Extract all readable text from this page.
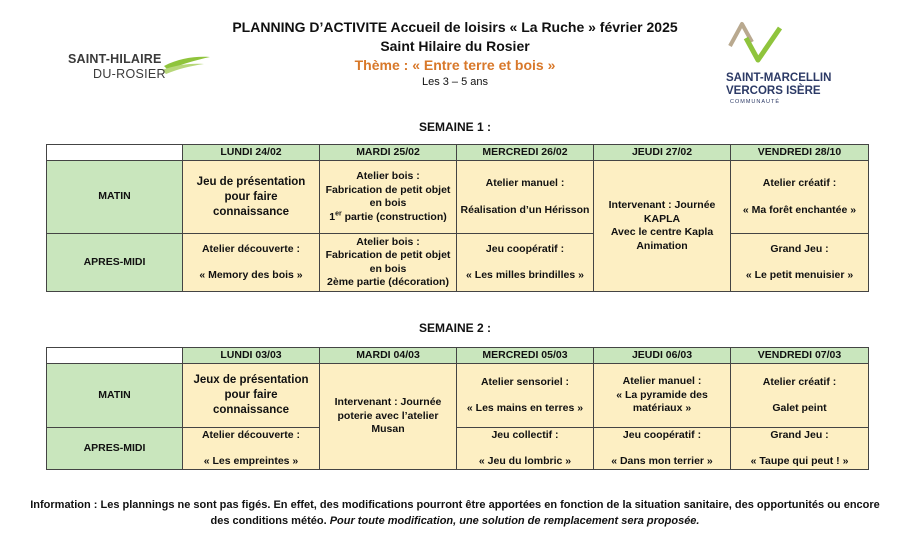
PLANNING D’ACTIVITE Accueil de loisirs « La Ruche » février 2025
Saint Hilaire du Rosier
Thème : « Entre terre et bois »
Les 3 – 5 ans
SAINT-HILAIRE
DU-ROSIER	SAINT-MARCELLIN
VERCORS ISÈRE
COMMUNAUTÉ
SEMAINE 1 :
	LUNDI 24/02	MARDI 25/02	MERCREDI 26/02	JEUDI 27/02	VENDREDI 28/10
MATIN	Jeu de présentation pour faire connaissance	Atelier bois :
Fabrication de petit objet en bois
1er partie (construction)	Atelier manuel :
Réalisation d’un Hérisson	Intervenant : Journée KAPLA
Avec le centre Kapla Animation	Atelier créatif :
« Ma forêt enchantée »

APRES-MIDI	Atelier découverte :
« Memory des bois »	Atelier bois :
Fabrication de petit objet en bois
2ème partie (décoration)	Jeu coopératif :
« Les milles brindilles »		Grand Jeu :
« Le petit menuisier »
SEMAINE 2 :
	LUNDI 03/03	MARDI 04/03	MERCREDI 05/03	JEUDI 06/03	VENDREDI 07/03
MATIN	Jeux de présentation pour faire connaissance	Intervenant : Journée poterie avec l’atelier Musan	Atelier sensoriel :
« Les mains en terres »	Atelier manuel :
« La pyramide des matériaux »	Atelier créatif :
Galet peint

APRES-MIDI	Atelier découverte :
« Les empreintes »		Jeu collectif :
« Jeu du lombric »	Jeu coopératif :
« Dans mon terrier »	Grand Jeu :
« Taupe qui peut ! »
Information : Les plannings ne sont pas figés. En effet, des modifications pourront être apportées en fonction de la situation sanitaire, des opportunités ou encore des conditions météo. Pour toute modification, une solution de remplacement sera proposée.
